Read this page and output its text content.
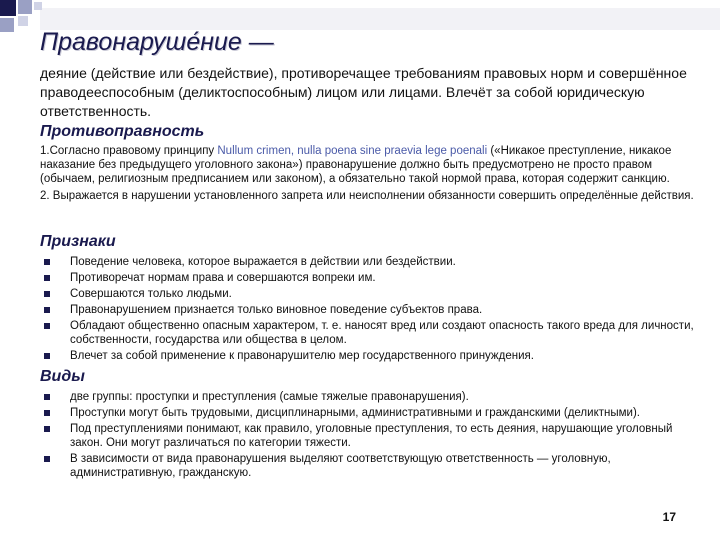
Правонаруше́ние —
деяние (действие или бездействие), противоречащее требованиям правовых норм и совершённое праводееспособным (деликтоспособным) лицом или лицами. Влечёт за собой юридическую ответственность.
Противоправность
1.Согласно правовому принципу Nullum crimen, nulla poena sine praevia lege poenali («Никакое преступление, никакое наказание без предыдущего уголовного закона») правонарушение должно быть предусмотрено не просто правом (обычаем, религиозным предписанием или законом), а обязательно такой нормой права, которая содержит санкцию.
2. Выражается в нарушении установленного запрета или неисполнении обязанности совершить определённые действия.
Признаки
Поведение человека, которое выражается в действии или бездействии.
Противоречат нормам права и совершаются вопреки им.
Совершаются только людьми.
Правонарушением признается только виновное поведение субъектов права.
Обладают общественно опасным характером, т. е. наносят вред или создают опасность такого вреда для личности, собственности, государства или общества в целом.
Влечет за собой применение к правонарушителю мер государственного принуждения.
Виды
две группы: проступки и преступления (самые тяжелые правонарушения).
Проступки могут быть трудовыми, дисциплинарными, административными и гражданскими (деликтными).
Под преступлениями понимают, как правило, уголовные преступления, то есть деяния, нарушающие уголовный закон. Они могут различаться по категории тяжести.
В зависимости от вида правонарушения выделяют соответствующую ответственность — уголовную, административную, гражданскую.
17
